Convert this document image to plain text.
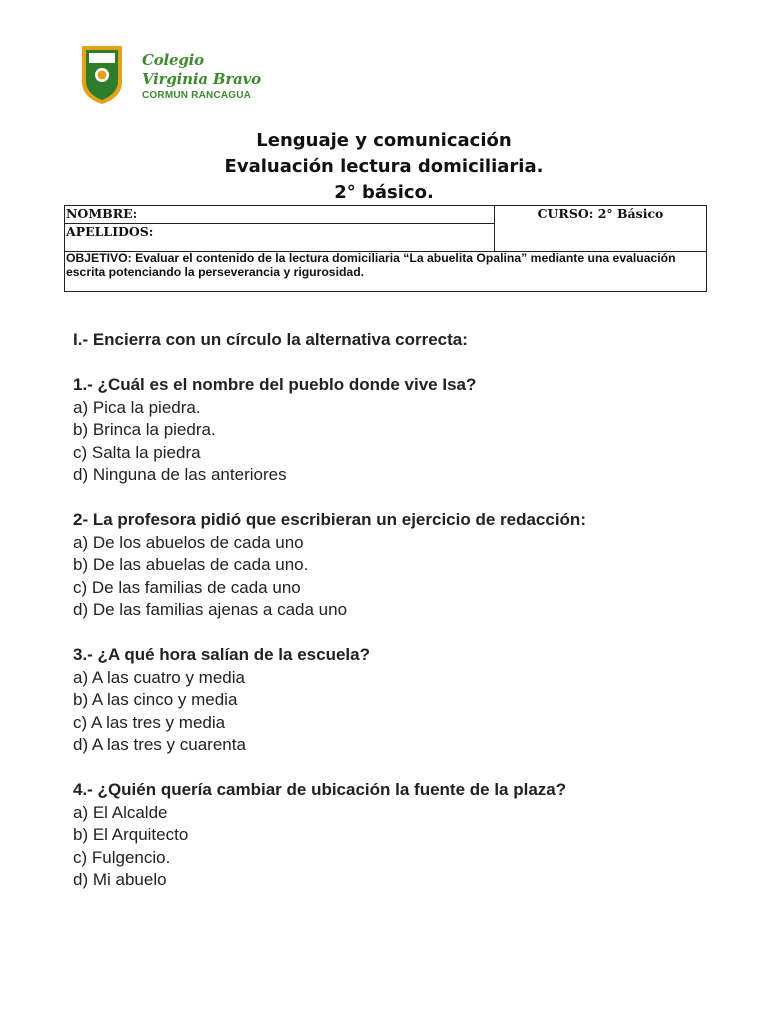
Colegio
Virginia Bravo
CORMUN RANCAGUA
Lenguaje y comunicación
Evaluación lectura domiciliaria.
2° básico.
NOMBRE:	CURSO: 2° Básico
APELLIDOS:
OBJETIVO: Evaluar el contenido de la lectura domiciliaria “La abuelita Opalina” mediante una evaluación escrita potenciando la perseverancia y rigurosidad.
I.- Encierra con un círculo la alternativa correcta:
1.- ¿Cuál es el nombre del pueblo donde vive Isa?
a) Pica la piedra.
b) Brinca la piedra.
c) Salta la piedra
d) Ninguna de las anteriores
2- La profesora pidió que escribieran un ejercicio de redacción:
a) De los abuelos de cada uno
b) De las abuelas de cada uno.
c) De las familias de cada uno
d) De las familias ajenas a cada uno
3.- ¿A qué hora salían de la escuela?
a) A las cuatro y media
b) A las cinco y media
c) A las tres y media
d) A las tres y cuarenta
4.- ¿Quién quería cambiar de ubicación la fuente de la plaza?
a) El Alcalde
b) El Arquitecto
c) Fulgencio.
d) Mi abuelo
